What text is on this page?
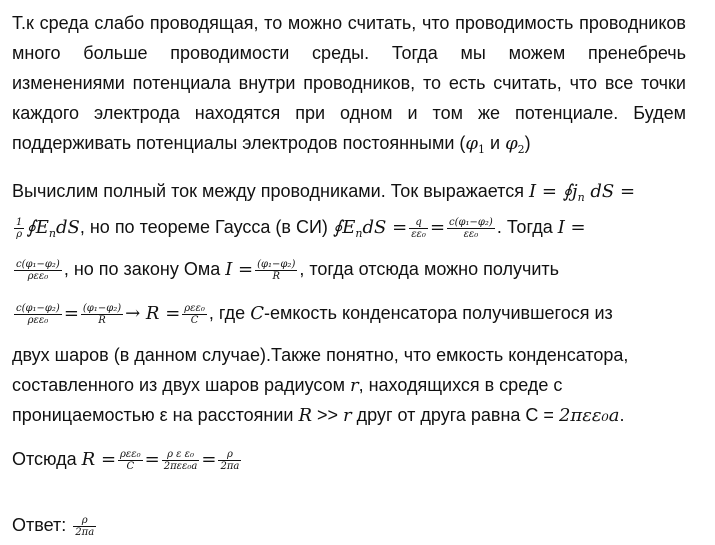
Т.к среда слабо проводящая, то можно считать, что проводимость проводников
много больше проводимости среды. Тогда мы можем пренебречь
изменениями потенциала внутри проводников, то есть считать, что все точки
каждого электрода находятся при одном и том же потенциале. Будем
поддерживать потенциалы электродов постоянными ($\varphi_1$ и $\varphi_2$)
Вычислим полный ток между проводниками. Ток выражается $I = ∮j_n$ dS =
$\frac{1}{\rho}$ $∮E_ndS$, но по теореме Гаусса (в СИ) $∮E_ndS = \frac{q}{\text{εε₀}} = \frac{\text{c(φ₁−φ₂)}}{\text{εε₀}}$ . Тогда I =
$\frac{\text{c(φ₁−φ₂)}}{\text{ρεε₀}}$ , но по закону Ома $I = \frac{\text{(φ₁−φ₂)}}{R}$ , тогда отсюда можно получить
$\frac{\text{c(φ₁−φ₂)}}{\text{ρεε₀}} = \frac{\text{(φ₁−φ₂)}}{R} \to R = \frac{\text{ρεε₀}}{C}$ , где C-емкость конденсатора получившегося из
двух шаров (в данном случае).Также понятно, что емкость конденсатора,
составленного из двух шаров радиусом r, находящихся в среде с
проницаемостью ε на расстоянии R >> r друг от друга равна C = 2πεε₀a.
Отсюда $R = \frac{\text{ρεε₀}}{C} = \frac{\text{ρ ε ε₀}}{\text{2πεε₀a}} = \frac{\rho}{2\pi a}$
Ответ: $\frac{\rho}{2\pi a}$
